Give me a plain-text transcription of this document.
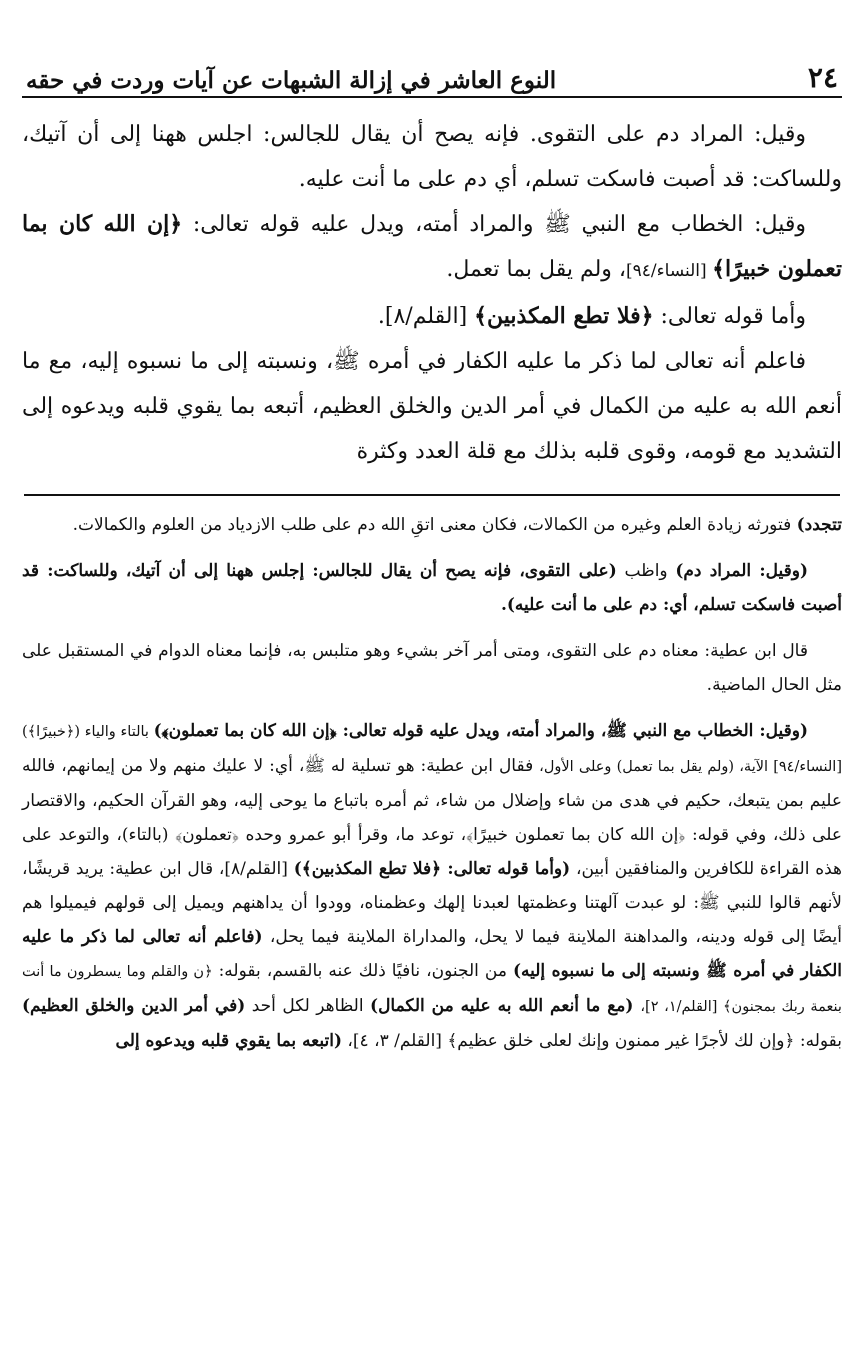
٢٤
النوع العاشر في إزالة الشبهات عن آيات وردت في حقه

وقيل: المراد دم على التقوى. فإنه يصح أن يقال للجالس: اجلس ههنا إلى أن آتيك، وللساكت: قد أصبت فاسكت تسلم، أي دم على ما أنت عليه.

وقيل: الخطاب مع النبي ﷺ والمراد أمته، ويدل عليه قوله تعالى: ﴿إن الله كان بما تعملون خبيرًا﴾ [النساء/٩٤]، ولم يقل بما تعمل.

وأما قوله تعالى: ﴿فلا تطع المكذبين﴾ [القلم/٨].

فاعلم أنه تعالى لما ذكر ما عليه الكفار في أمره ﷺ، ونسبته إلى ما نسبوه إليه، مع ما أنعم الله به عليه من الكمال في أمر الدين والخلق العظيم، أتبعه بما يقوي قلبه ويدعوه إلى التشديد مع قومه، وقوى قلبه بذلك مع قلة العدد وكثرة

تتجدد) فتورثه زيادة العلم وغيره من الكمالات، فكان معنى اتقِ الله دم على طلب الازدياد من العلوم والكمالات.

(وقيل: المراد دم) واظب (على التقوى، فإنه يصح أن يقال للجالس: إجلس ههنا إلى أن آتيك، وللساكت: قد أصبت فاسكت تسلم، أي: دم على ما أنت عليه).

قال ابن عطية: معناه دم على التقوى، ومتى أمر آخر بشيء وهو متلبس به، فإنما معناه الدوام في المستقبل على مثل الحال الماضية.

(وقيل: الخطاب مع النبي ﷺ، والمراد أمته، ويدل عليه قوله تعالى: ﴿إن الله كان بما تعملون﴾) بالتاء والياء (﴿خبيرًا﴾) [النساء/٩٤] الآية، (ولم يقل بما تعمل) وعلى الأول، فقال ابن عطية: هو تسلية له ﷺ، أي: لا عليك منهم ولا من إيمانهم، فالله عليم بمن يتبعك، حكيم في هدى من شاء وإضلال من شاء، ثم أمره باتباع ما يوحى إليه، وهو القرآن الحكيم، والاقتصار على ذلك، وفي قوله: ﴿إن الله كان بما تعملون خبيرًا﴾، توعد ما، وقرأ أبو عمرو وحده ﴿تعملون﴾ (بالتاء)، والتوعد على هذه القراءة للكافرين والمنافقين أبين، (وأما قوله تعالى: ﴿فلا تطع المكذبين﴾) [القلم/٨]، قال ابن عطية: يريد قريشًا، لأنهم قالوا للنبي ﷺ: لو عبدت آلهتنا وعظمتها لعبدنا إلهك وعظمناه، وودوا أن يداهنهم ويميل إلى قولهم فيميلوا هم أيضًا إلى قوله ودينه، والمداهنة الملاينة فيما لا يحل، والمداراة الملاينة فيما يحل، (فاعلم أنه تعالى لما ذكر ما عليه الكفار في أمره ﷺ ونسبته إلى ما نسبوه إليه) من الجنون، نافيًا ذلك عنه بالقسم، بقوله: ﴿ن والقلم وما يسطرون ما أنت بنعمة ربك بمجنون﴾ [القلم/١، ٢]، (مع ما أنعم الله به عليه من الكمال) الظاهر لكل أحد (في أمر الدين والخلق العظيم) بقوله: ﴿وإن لك لأجرًا غير ممنون وإنك لعلى خلق عظيم﴾ [القلم/ ٣، ٤]، (اتبعه بما يقوي قلبه ويدعوه إلى
